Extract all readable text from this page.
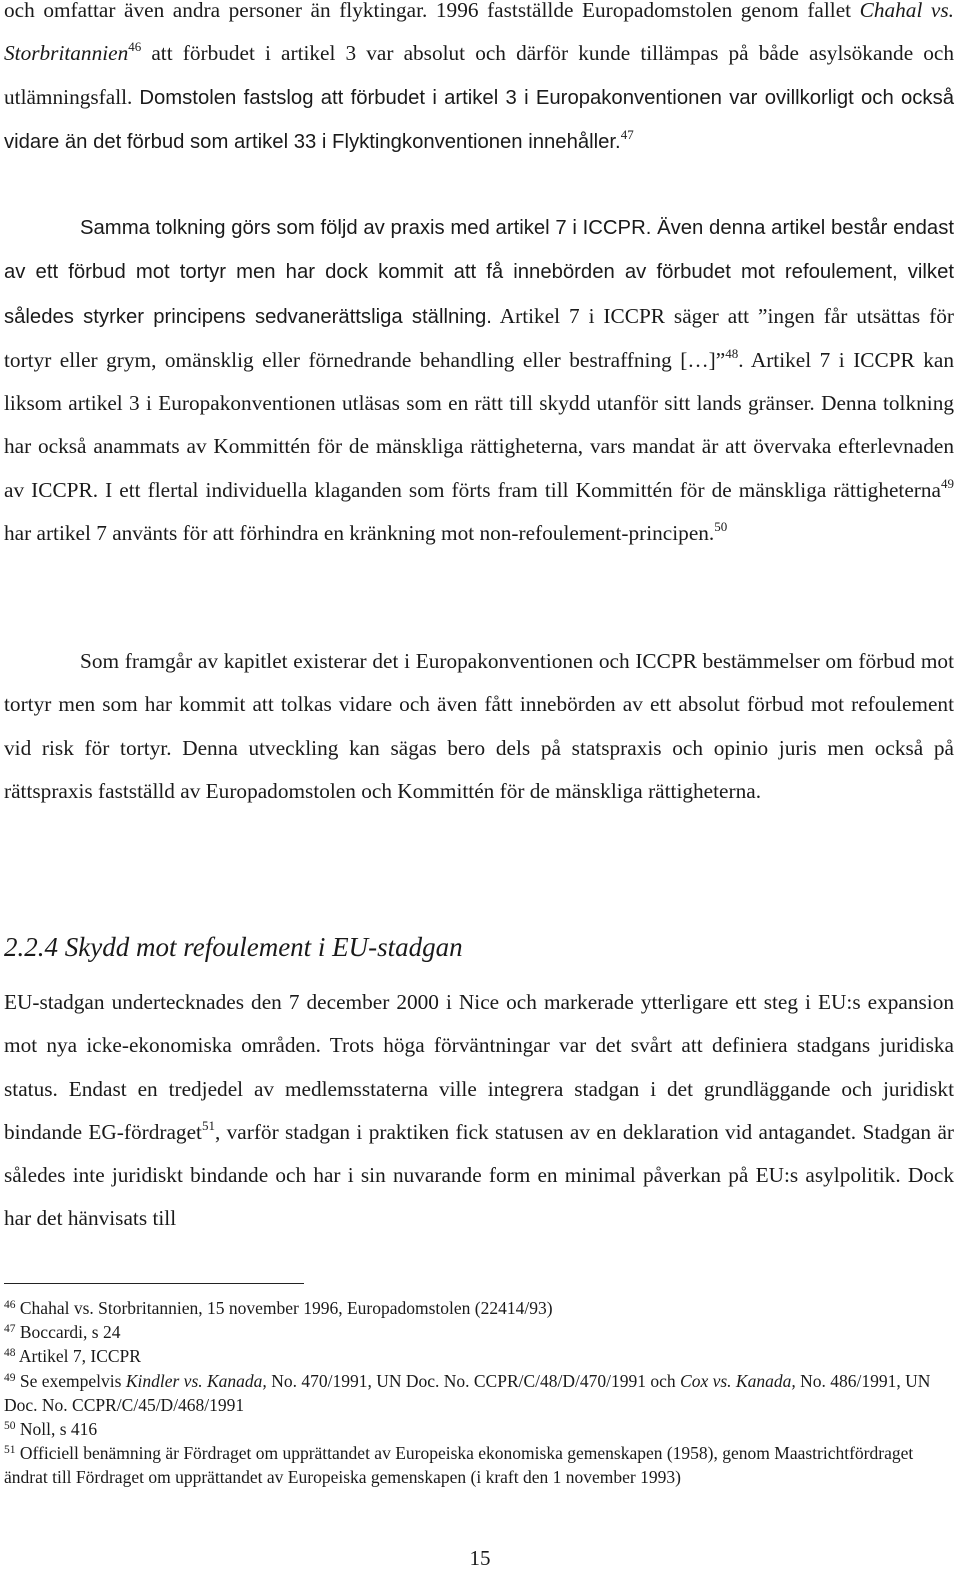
och omfattar även andra personer än flyktingar. 1996 fastställde Europadomstolen genom fallet Chahal vs. Storbritannien$^{46}$ att förbudet i artikel 3 var absolut och därför kunde tillämpas på både asylsökande och utlämningsfall. Domstolen fastslog att förbudet i artikel 3 i Europakonventionen var ovillkorligt och också vidare än det förbud som artikel 33 i Flyktingkonventionen innehåller.$^{47}$

Samma tolkning görs som följd av praxis med artikel 7 i ICCPR. Även denna artikel består endast av ett förbud mot tortyr men har dock kommit att få innebörden av förbudet mot refoulement, vilket således styrker principens sedvanerättsliga ställning. Artikel 7 i ICCPR säger att ”ingen får utsättas för tortyr eller grym, omänsklig eller förnedrande behandling eller bestraffning […]”$^{48}$. Artikel 7 i ICCPR kan liksom artikel 3 i Europakonventionen utläsas som en rätt till skydd utanför sitt lands gränser. Denna tolkning har också anammats av Kommittén för de mänskliga rättigheterna, vars mandat är att övervaka efterlevnaden av ICCPR. I ett flertal individuella klaganden som förts fram till Kommittén för de mänskliga rättigheterna$^{49}$ har artikel 7 använts för att förhindra en kränkning mot non-refoulement-principen.$^{50}$

Som framgår av kapitlet existerar det i Europakonventionen och ICCPR bestämmelser om förbud mot tortyr men som har kommit att tolkas vidare och även fått innebörden av ett absolut förbud mot refoulement vid risk för tortyr. Denna utveckling kan sägas bero dels på statspraxis och opinio juris men också på rättspraxis fastställd av Europadomstolen och Kommittén för de mänskliga rättigheterna.

2.2.4 Skydd mot refoulement i EU-stadgan

EU-stadgan undertecknades den 7 december 2000 i Nice och markerade ytterligare ett steg i EU:s expansion mot nya icke-ekonomiska områden. Trots höga förväntningar var det svårt att definiera stadgans juridiska status. Endast en tredjedel av medlemsstaterna ville integrera stadgan i det grundläggande och juridiskt bindande EG-fördraget$^{51}$, varför stadgan i praktiken fick statusen av en deklaration vid antagandet. Stadgan är således inte juridiskt bindande och har i sin nuvarande form en minimal påverkan på EU:s asylpolitik. Dock har det hänvisats till

$^{46}$ Chahal vs. Storbritannien, 15 november 1996, Europadomstolen (22414/93)

$^{47}$ Boccardi, s 24

$^{48}$ Artikel 7, ICCPR

$^{49}$ Se exempelvis Kindler vs. Kanada, No. 470/1991, UN Doc. No. CCPR/C/48/D/470/1991 och Cox vs. Kanada, No. 486/1991, UN Doc. No. CCPR/C/45/D/468/1991

$^{50}$ Noll, s 416

$^{51}$ Officiell benämning är Fördraget om upprättandet av Europeiska ekonomiska gemenskapen (1958), genom Maastrichtfördraget ändrat till Fördraget om upprättandet av Europeiska gemenskapen (i kraft den 1 november 1993)

15
